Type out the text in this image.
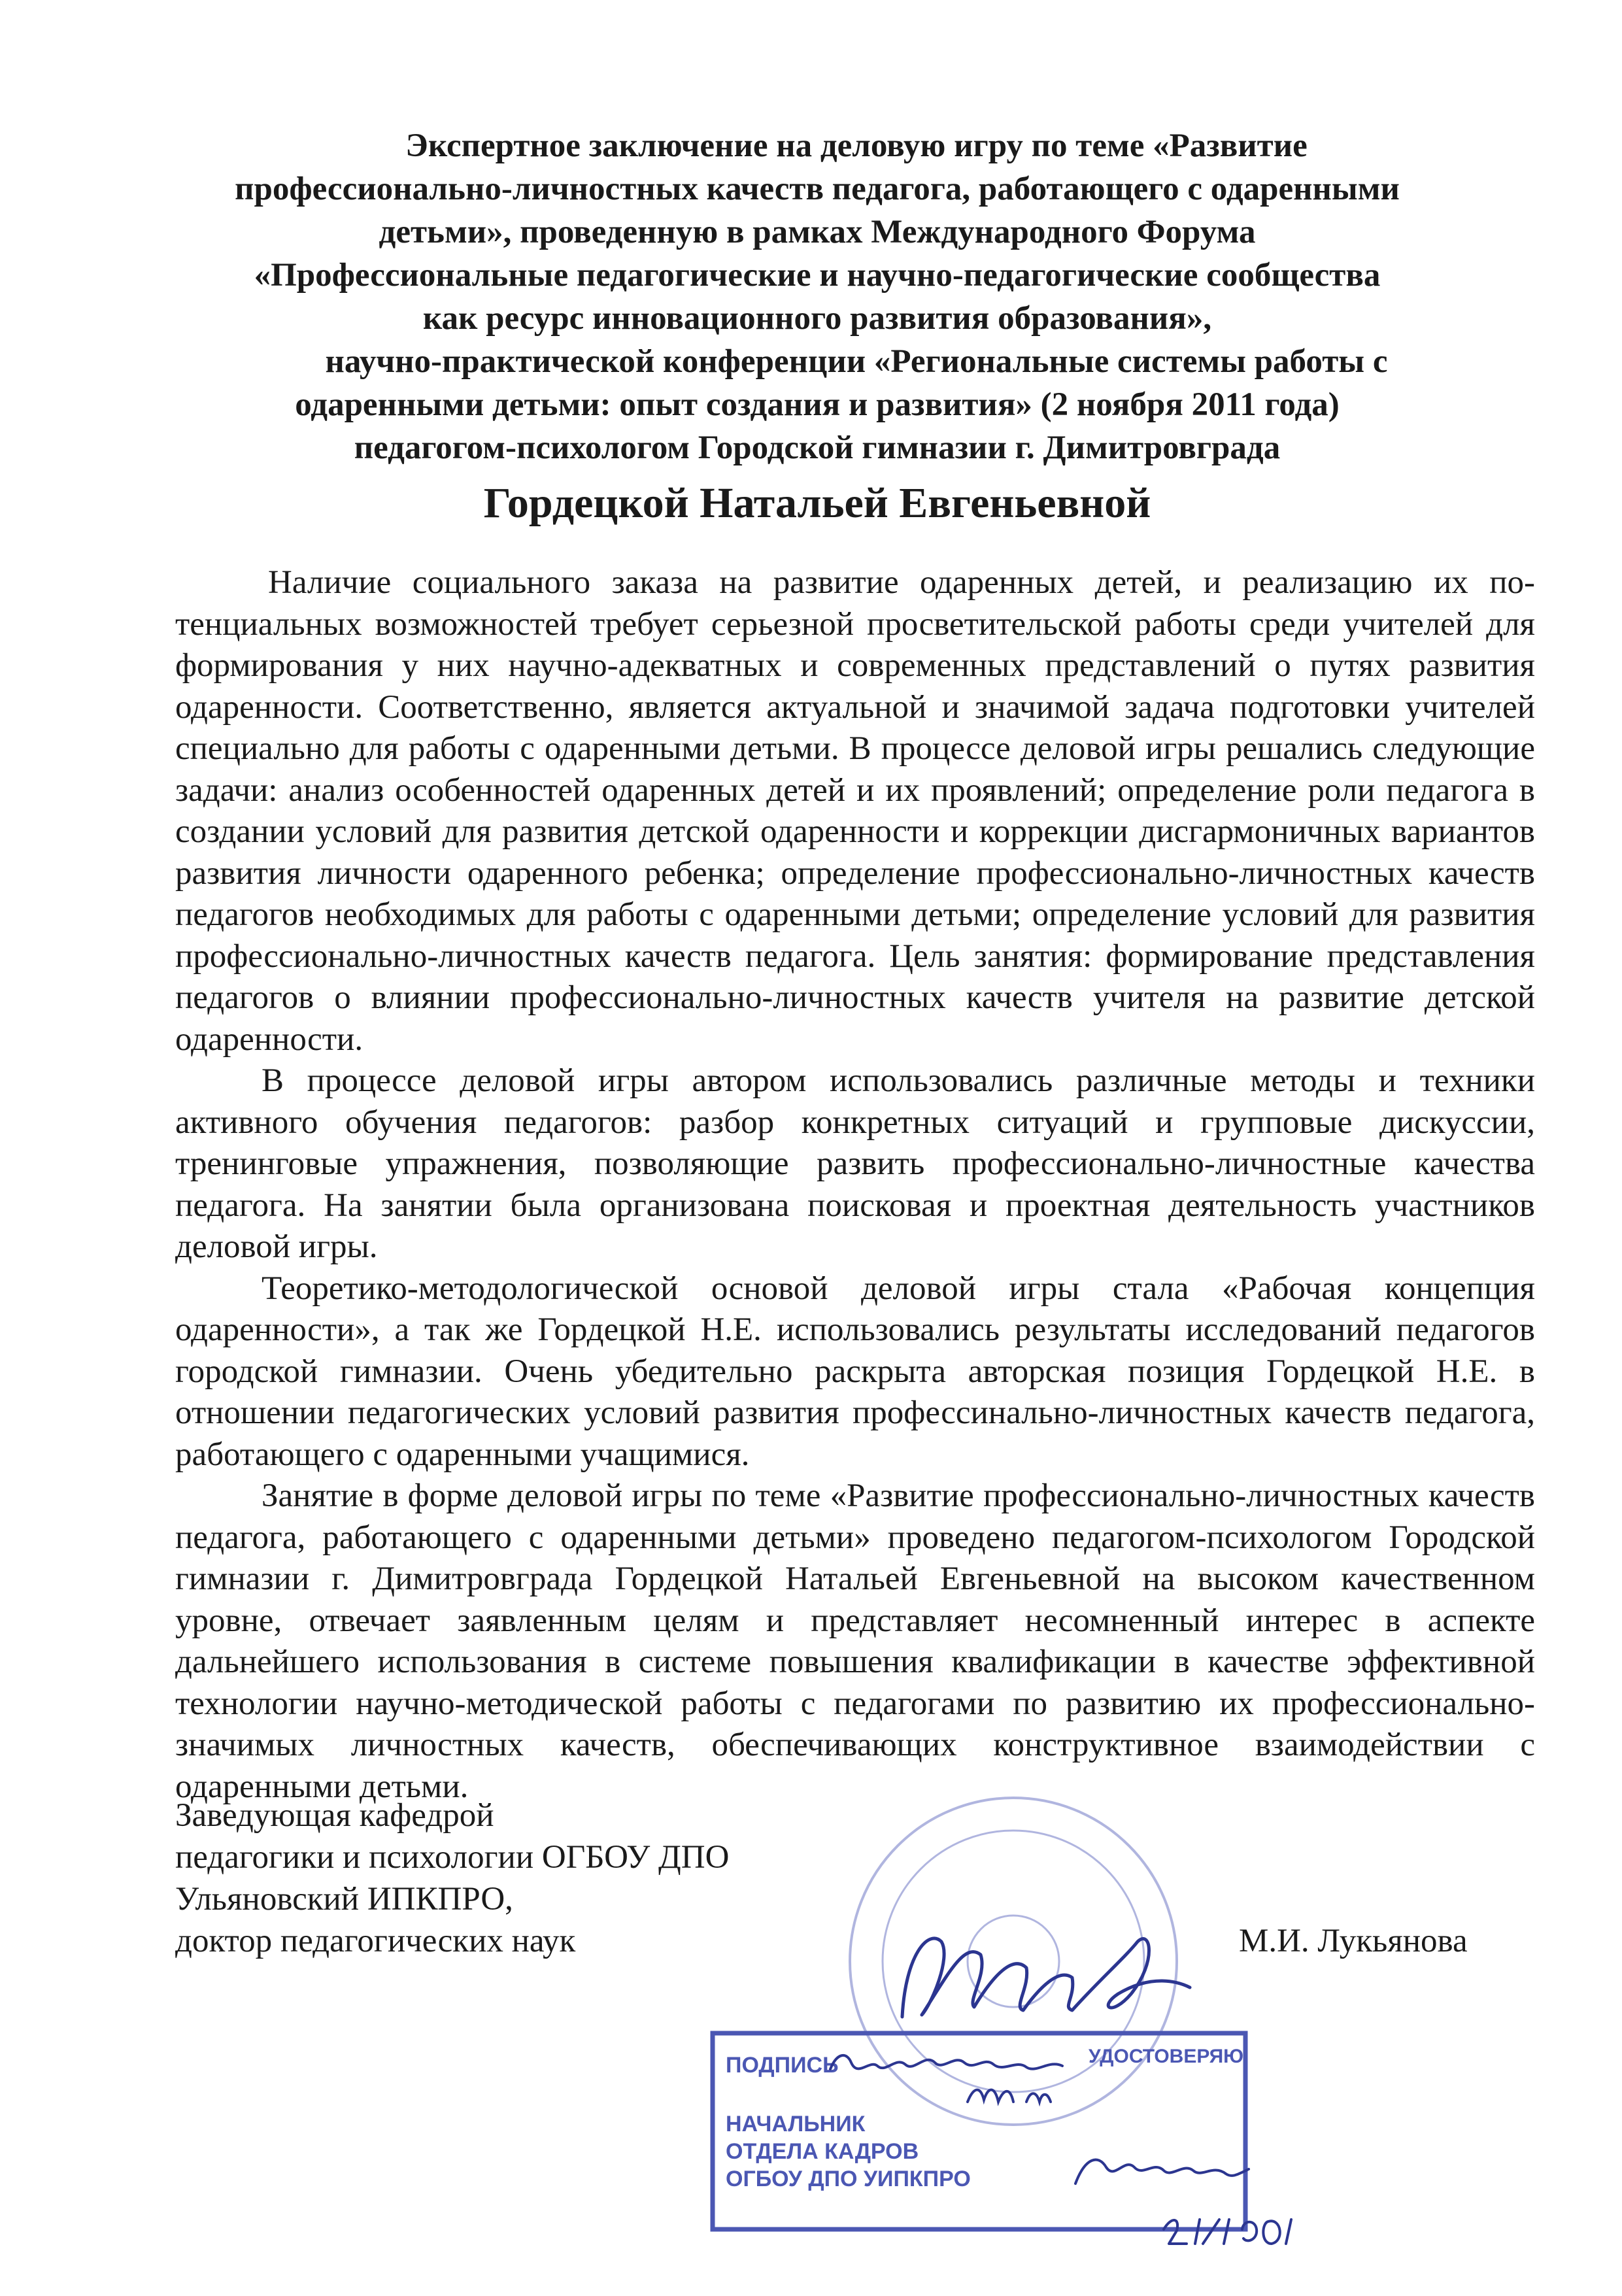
Экспертное заключение на деловую игру по теме «Развитие
профессионально-личностных качеств педагога, работающего с одаренными
детьми», проведенную в рамках Международного Форума
«Профессиональные педагогические и научно-педагогические сообщества
как ресурс инновационного развития образования»,
научно-практической конференции «Региональные системы работы с
одаренными детьми: опыт создания и развития» (2 ноября 2011 года)
педагогом-психологом Городской гимназии г. Димитровграда
Гордецкой Натальей Евгеньевной

Наличие социального заказа на развитие одаренных детей, и реализацию их потенциальных возможностей требует серьезной просветительской работы среди учителей для формирования у них научно-адекватных и современных представлений о путях развития одаренности. Соответственно, является актуальной и значимой задача подготовки учителей специально для работы с одаренными детьми. В процессе деловой игры решались следующие задачи: анализ особенностей одаренных детей и их проявлений; определение роли педагога в создании условий для развития детской одаренности и коррекции дисгармоничных вариантов развития личности одаренного ребенка; определение профессионально-личностных качеств педагогов необходимых для работы с одаренными детьми; определение условий для развития профессионально-личностных качеств педагога. Цель занятия: формирование представления педагогов о влиянии профессионально-личностных качеств учителя на развитие детской одаренности.

В процессе деловой игры автором использовались различные методы и техники активного обучения педагогов: разбор конкретных ситуаций и групповые дискуссии, тренинговые упражнения, позволяющие развить профессионально-личностные качества педагога. На занятии была организована поисковая и проектная деятельность участников деловой игры.

Теоретико-методологической основой деловой игры стала «Рабочая концепция одаренности», а так же Гордецкой Н.Е. использовались результаты исследований педагогов городской гимназии. Очень убедительно раскрыта авторская позиция Гордецкой Н.Е. в отношении педагогических условий развития профессинально-личностных качеств педагога, работающего с одаренными учащимися.

Занятие в форме деловой игры по теме «Развитие профессионально-личностных качеств педагога, работающего с одаренными детьми» проведено педагогом-психологом Городской гимназии г. Димитровграда Гордецкой Натальей Евгеньевной на высоком качественном уровне, отвечает заявленным целям и представляет несомненный интерес в аспекте дальнейшего использования в системе повышения квалификации в качестве эффективной технологии научно-методической работы с педагогами по развитию их профессионально-значимых личностных качеств, обеспечивающих конструктивное взаимодействии с одаренными детьми.

Заведующая кафедрой
педагогики и психологии ОГБОУ ДПО
Ульяновский ИПКПРО,
доктор педагогических наук	М.И. Лукьянова
ПОДПИСЬ	УДОСТОВЕРЯЮ
НАЧАЛЬНИК
ОТДЕЛА КАДРОВ
ОГБОУ ДПО УИПКПРО
